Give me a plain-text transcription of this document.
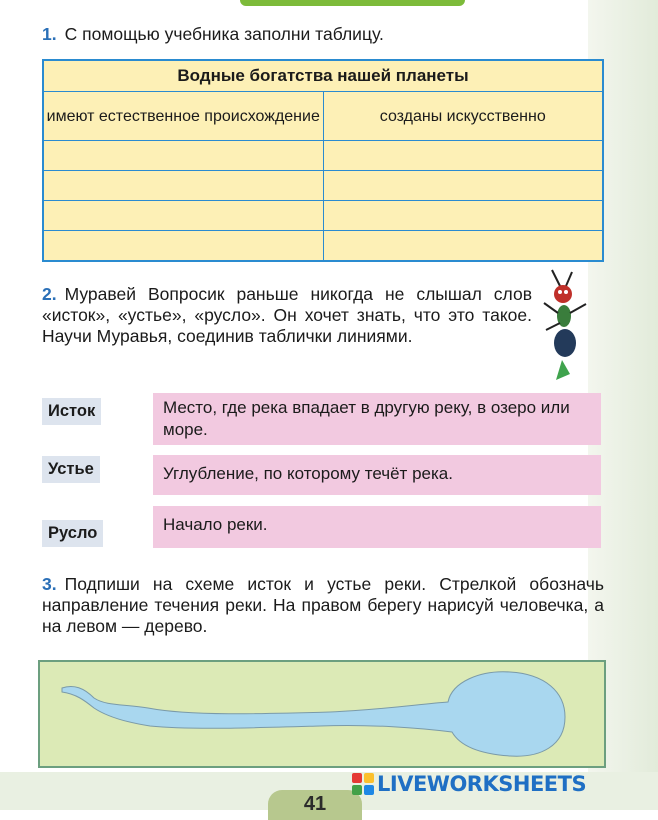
1. С помощью учебника заполни таблицу.
Водные богатства нашей планеты	
имеют естественное происхождение	созданы искусственно

2. Муравей Вопросик раньше никогда не слышал слов «исток», «устье», «русло». Он хочет знать, что это такое. Научи Муравья, соединив таблички линиями.
Исток	Место, где река впадает в другую реку, в озеро или море.
Устье	Углубление, по которому течёт река.
Русло	Начало реки.
3. Подпиши на схеме исток и устье реки. Стрелкой обозначь направление течения реки. На правом берегу нарисуй человечка, а на левом — дерево.
41
LIVEWORKSHEETS
